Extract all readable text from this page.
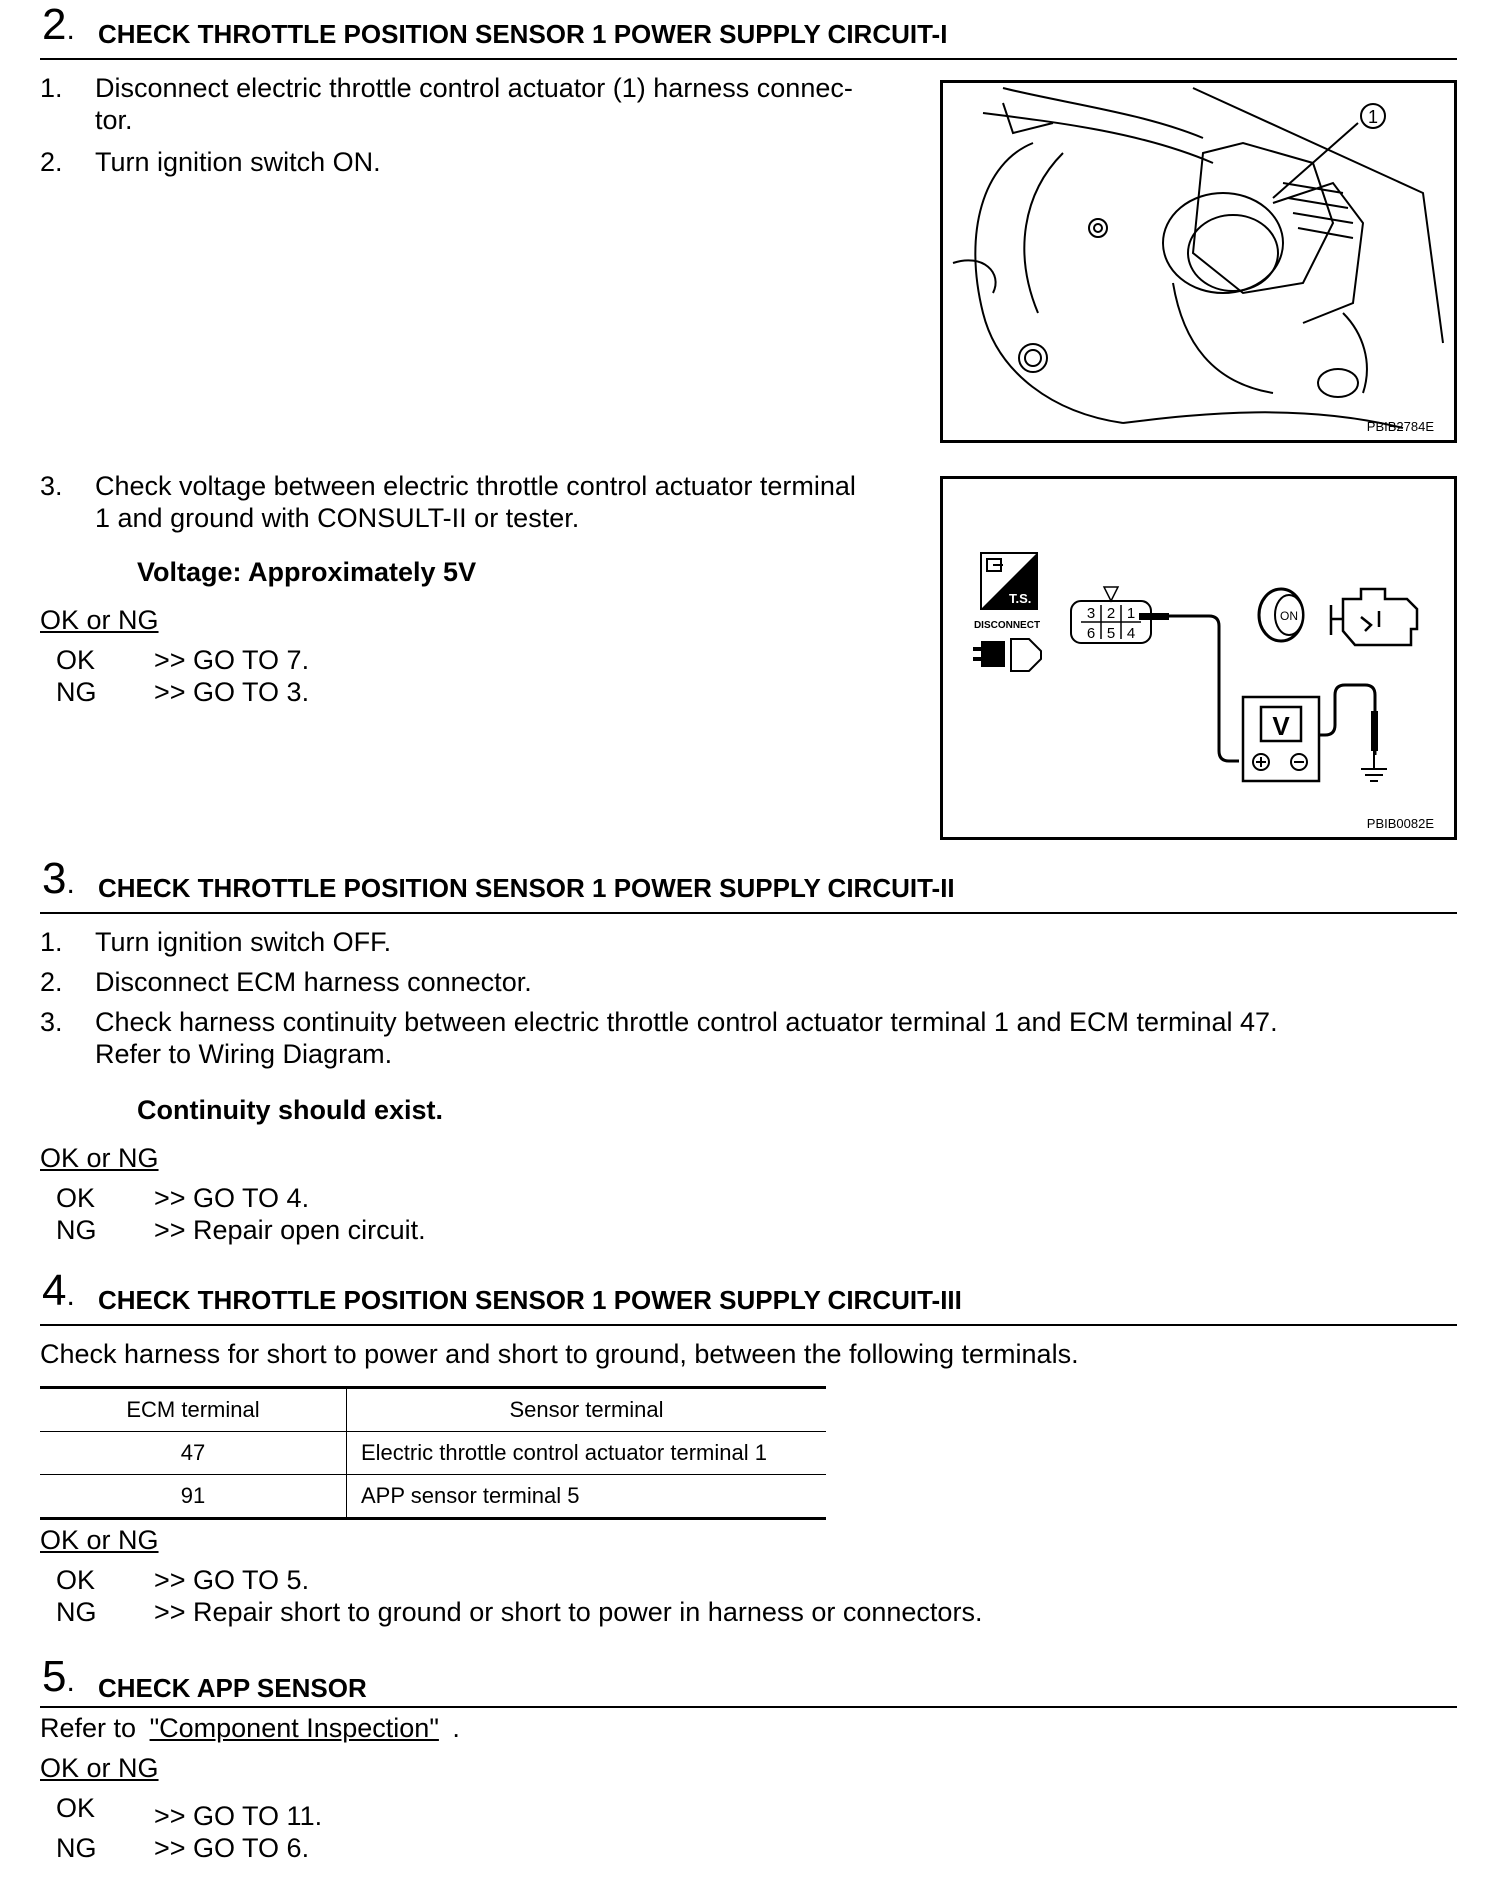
2. CHECK THROTTLE POSITION SENSOR 1 POWER SUPPLY CIRCUIT-I
1. Disconnect electric throttle control actuator (1) harness connec-
tor.
2. Turn ignition switch ON.
1
PBIB2784E
3. Check voltage between electric throttle control actuator terminal
1 and ground with CONSULT-II or tester.
Voltage: Approximately 5V
OK or NG
OK >> GO TO 7.
NG >> GO TO 3.
T.S.
DISCONNECT
3 2 1
6 5 4
V
ON
PBIB0082E
3. CHECK THROTTLE POSITION SENSOR 1 POWER SUPPLY CIRCUIT-II
1. Turn ignition switch OFF.
2. Disconnect ECM harness connector.
3. Check harness continuity between electric throttle control actuator terminal 1 and ECM terminal 47.
Refer to Wiring Diagram.
Continuity should exist.
OK or NG
OK >> GO TO 4.
NG >> Repair open circuit.
4. CHECK THROTTLE POSITION SENSOR 1 POWER SUPPLY CIRCUIT-III
Check harness for short to power and short to ground, between the following terminals.
ECM terminal	Sensor terminal
47	Electric throttle control actuator terminal 1
91	APP sensor terminal 5
OK or NG
OK >> GO TO 5.
NG >> Repair short to ground or short to power in harness or connectors.
5. CHECK APP SENSOR
Refer to "Component Inspection" .
OK or NG
OK >> GO TO 11.
NG >> GO TO 6.
